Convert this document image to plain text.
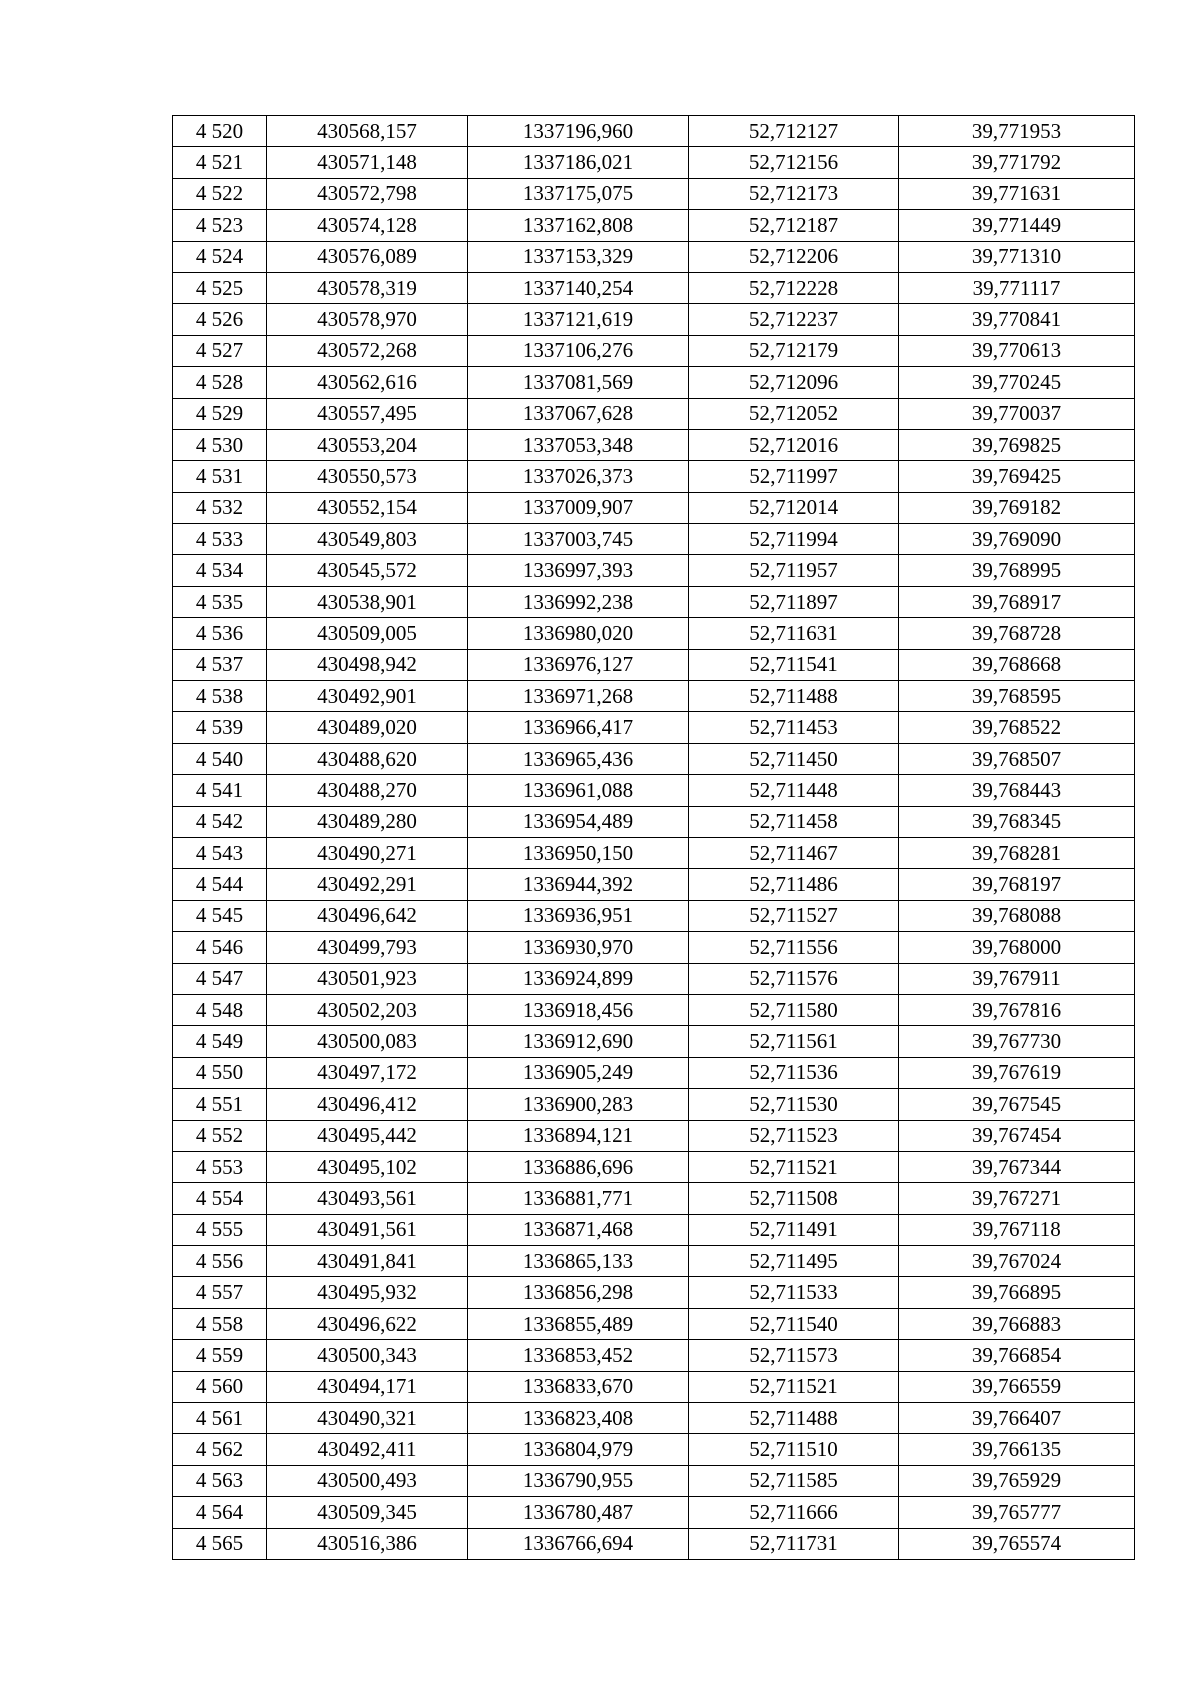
4 520	430568,157	1337196,960	52,712127	39,771953
4 521	430571,148	1337186,021	52,712156	39,771792
4 522	430572,798	1337175,075	52,712173	39,771631
4 523	430574,128	1337162,808	52,712187	39,771449
4 524	430576,089	1337153,329	52,712206	39,771310
4 525	430578,319	1337140,254	52,712228	39,771117
4 526	430578,970	1337121,619	52,712237	39,770841
4 527	430572,268	1337106,276	52,712179	39,770613
4 528	430562,616	1337081,569	52,712096	39,770245
4 529	430557,495	1337067,628	52,712052	39,770037
4 530	430553,204	1337053,348	52,712016	39,769825
4 531	430550,573	1337026,373	52,711997	39,769425
4 532	430552,154	1337009,907	52,712014	39,769182
4 533	430549,803	1337003,745	52,711994	39,769090
4 534	430545,572	1336997,393	52,711957	39,768995
4 535	430538,901	1336992,238	52,711897	39,768917
4 536	430509,005	1336980,020	52,711631	39,768728
4 537	430498,942	1336976,127	52,711541	39,768668
4 538	430492,901	1336971,268	52,711488	39,768595
4 539	430489,020	1336966,417	52,711453	39,768522
4 540	430488,620	1336965,436	52,711450	39,768507
4 541	430488,270	1336961,088	52,711448	39,768443
4 542	430489,280	1336954,489	52,711458	39,768345
4 543	430490,271	1336950,150	52,711467	39,768281
4 544	430492,291	1336944,392	52,711486	39,768197
4 545	430496,642	1336936,951	52,711527	39,768088
4 546	430499,793	1336930,970	52,711556	39,768000
4 547	430501,923	1336924,899	52,711576	39,767911
4 548	430502,203	1336918,456	52,711580	39,767816
4 549	430500,083	1336912,690	52,711561	39,767730
4 550	430497,172	1336905,249	52,711536	39,767619
4 551	430496,412	1336900,283	52,711530	39,767545
4 552	430495,442	1336894,121	52,711523	39,767454
4 553	430495,102	1336886,696	52,711521	39,767344
4 554	430493,561	1336881,771	52,711508	39,767271
4 555	430491,561	1336871,468	52,711491	39,767118
4 556	430491,841	1336865,133	52,711495	39,767024
4 557	430495,932	1336856,298	52,711533	39,766895
4 558	430496,622	1336855,489	52,711540	39,766883
4 559	430500,343	1336853,452	52,711573	39,766854
4 560	430494,171	1336833,670	52,711521	39,766559
4 561	430490,321	1336823,408	52,711488	39,766407
4 562	430492,411	1336804,979	52,711510	39,766135
4 563	430500,493	1336790,955	52,711585	39,765929
4 564	430509,345	1336780,487	52,711666	39,765777
4 565	430516,386	1336766,694	52,711731	39,765574
